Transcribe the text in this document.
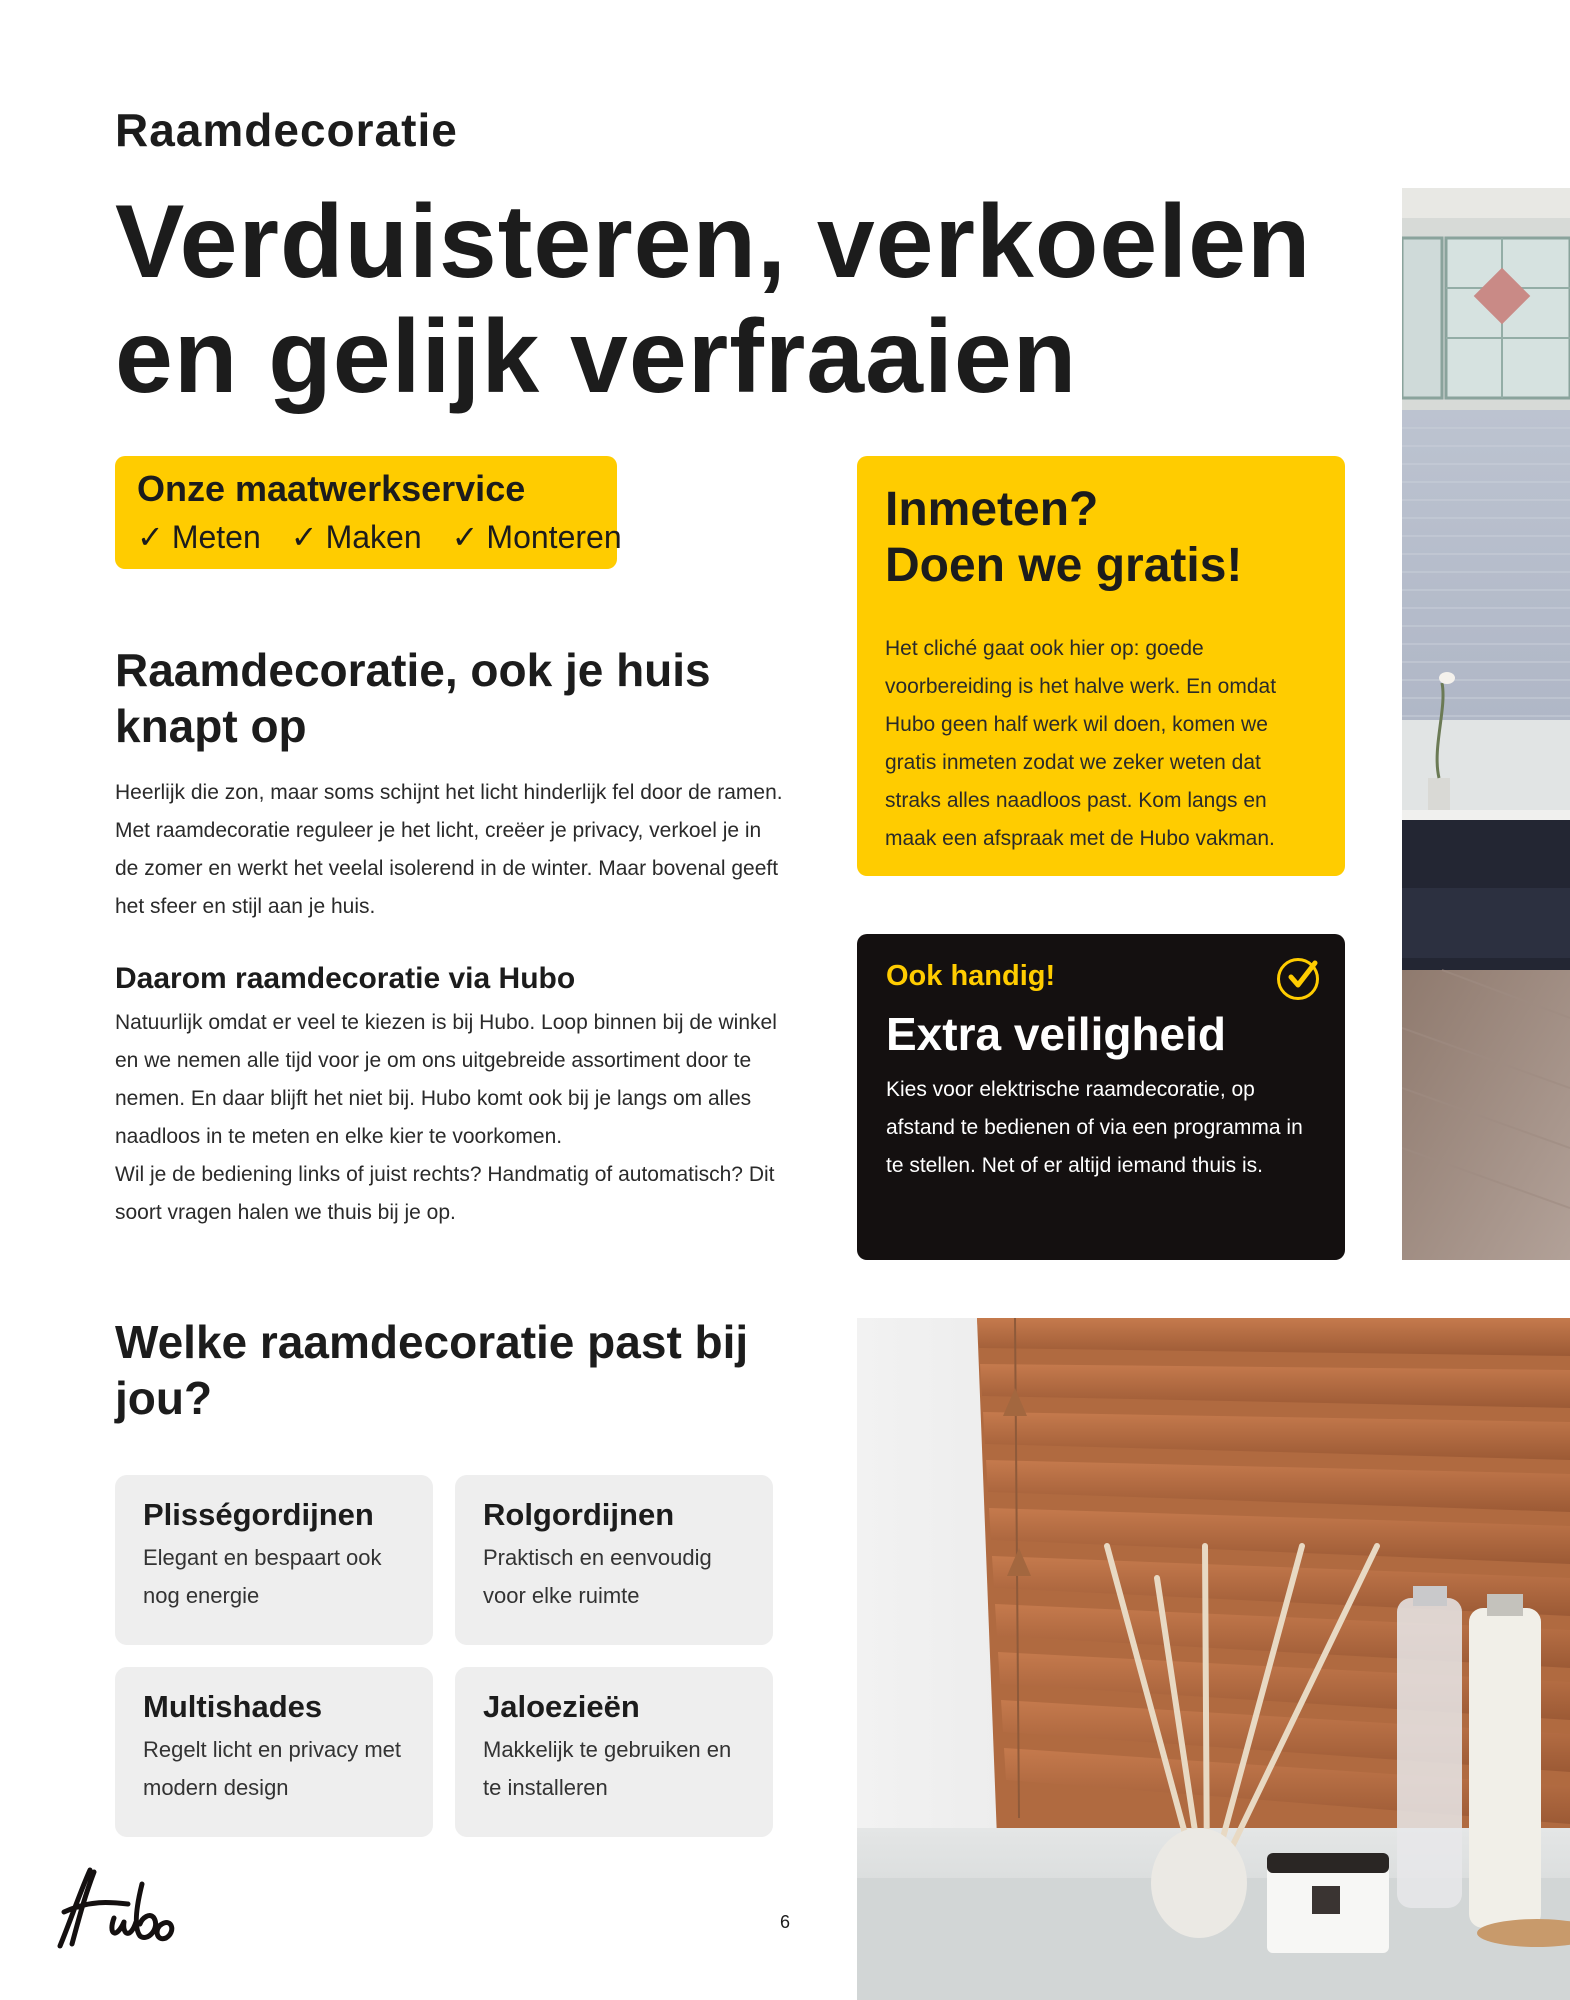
Raamdecoratie
Verduisteren, verkoelen
en gelijk verfraaien
Onze maatwerkservice
✓ Meten ✓ Maken ✓ Monteren
Raamdecoratie, ook je huis knapt op
Heerlijk die zon, maar soms schijnt het licht hinderlijk fel door de ramen. Met raamdecoratie reguleer je het licht, creëer je privacy, verkoel je in de zomer en werkt het veelal isolerend in de winter. Maar bovenal geeft het sfeer en stijl aan je huis.
Daarom raamdecoratie via Hubo
Natuurlijk omdat er veel te kiezen is bij Hubo. Loop binnen bij de winkel en we nemen alle tijd voor je om ons uitgebreide assortiment door te nemen. En daar blijft het niet bij. Hubo komt ook bij je langs om alles naadloos in te meten en elke kier te voorkomen.
Wil je de bediening links of juist rechts? Handmatig of automatisch? Dit soort vragen halen we thuis bij je op.
Inmeten?
Doen we gratis!
Het cliché gaat ook hier op: goede voorbereiding is het halve werk. En omdat Hubo geen half werk wil doen, komen we gratis inmeten zodat we zeker weten dat straks alles naadloos past. Kom langs en maak een afspraak met de Hubo vakman.
Ook handig!
Extra veiligheid
Kies voor elektrische raamdecoratie, op afstand te bedienen of via een programma in te stellen. Net of er altijd iemand thuis is.
Welke raamdecoratie past bij jou?
Plisségordijnen
Elegant en bespaart ook nog energie
Rolgordijnen
Praktisch en eenvoudig voor elke ruimte
Multishades
Regelt licht en privacy met modern design
Jaloezieën
Makkelijk te gebruiken en te installeren
6
